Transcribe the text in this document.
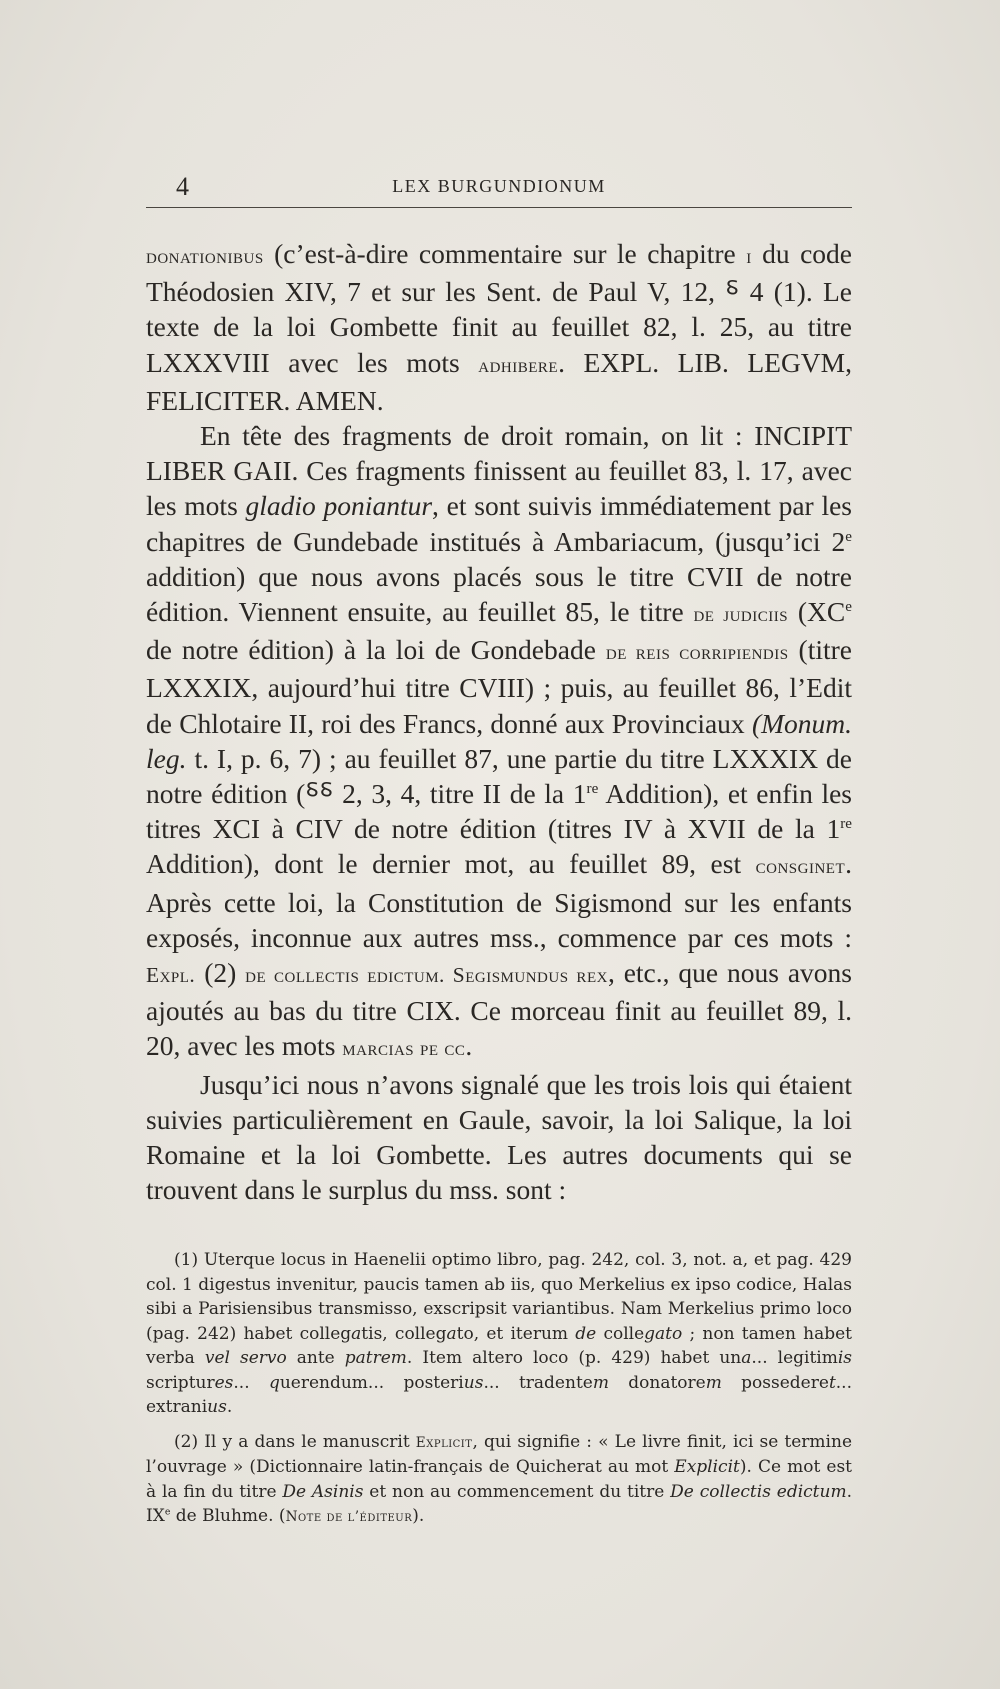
4	LEX BURGUNDIONUM

donationibus (c’est-à-dire commentaire sur le chapitre i du code Théodosien XIV, 7 et sur les Sent. de Paul V, 12, ⸹ 4 (1). Le texte de la loi Gombette finit au feuillet 82, l. 25, au titre LXXXVIII avec les mots adhibere. EXPL. LIB. LEGVM, FELICITER. AMEN.

En tête des fragments de droit romain, on lit : INCIPIT LIBER GAII. Ces fragments finissent au feuillet 83, l. 17, avec les mots gladio poniantur, et sont suivis immédiatement par les chapitres de Gundebade institués à Ambariacum, (jusqu’ici 2e addition) que nous avons placés sous le titre CVII de notre édition. Viennent ensuite, au feuillet 85, le titre de judiciis (XCe de notre édition) à la loi de Gondebade de reis corripiendis (titre LXXXIX, aujourd’hui titre CVIII) ; puis, au feuillet 86, l’Edit de Chlotaire II, roi des Francs, donné aux Provinciaux (Monum. leg. t. I, p. 6, 7) ; au feuillet 87, une partie du titre LXXXIX de notre édition (⸹⸹ 2, 3, 4, titre II de la 1re Addition), et enfin les titres XCI à CIV de notre édition (titres IV à XVII de la 1re Addition), dont le dernier mot, au feuillet 89, est consginet. Après cette loi, la Constitution de Sigismond sur les enfants exposés, inconnue aux autres mss., commence par ces mots : Expl. (2) de collectis edictum. Segismundus rex, etc., que nous avons ajoutés au bas du titre CIX. Ce morceau finit au feuillet 89, l. 20, avec les mots marcias pe cc.

Jusqu’ici nous n’avons signalé que les trois lois qui étaient suivies particulièrement en Gaule, savoir, la loi Salique, la loi Romaine et la loi Gombette. Les autres documents qui se trouvent dans le surplus du mss. sont :

(1) Uterque locus in Haenelii optimo libro, pag. 242, col. 3, not. a, et pag. 429 col. 1 digestus invenitur, paucis tamen ab iis, quo Merkelius ex ipso codice, Halas sibi a Parisiensibus transmisso, exscripsit variantibus. Nam Merkelius primo loco (pag. 242) habet collegatis, collegato, et iterum de collegato ; non tamen habet verba vel servo ante patrem. Item altero loco (p. 429) habet una... legitimis scriptures... querendum... posterius... tradentem donatorem possederet... extranius.

(2) Il y a dans le manuscrit Explicit, qui signifie : « Le livre finit, ici se termine l’ouvrage » (Dictionnaire latin-français de Quicherat au mot Explicit). Ce mot est à la fin du titre De Asinis et non au commencement du titre De collectis edictum. IXe de Bluhme. (Note de l’éditeur).
